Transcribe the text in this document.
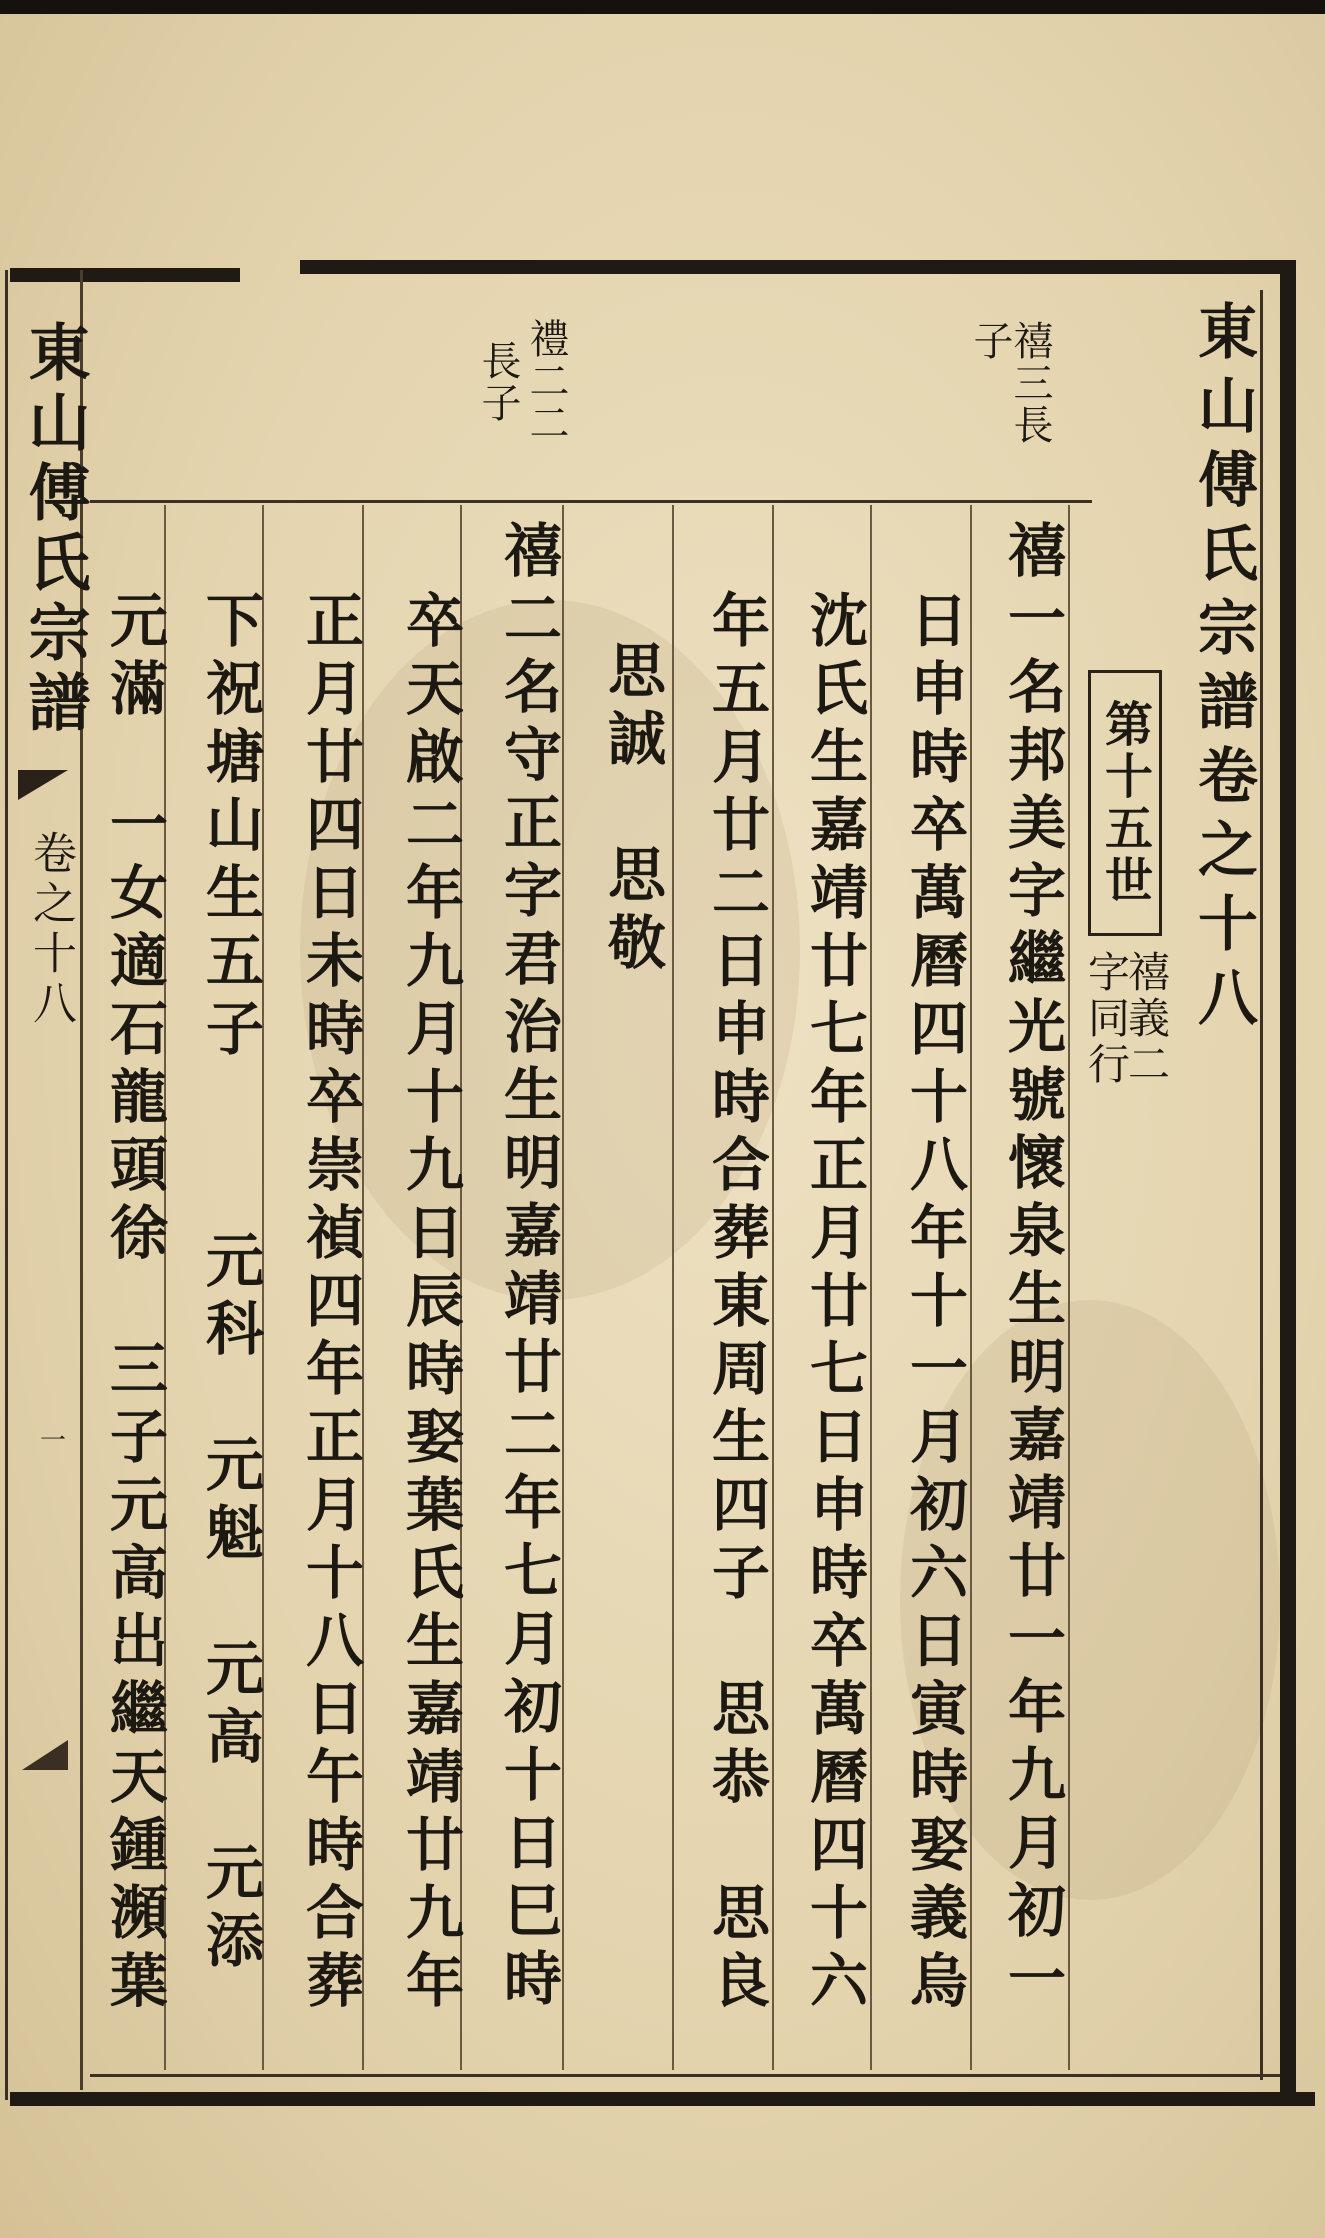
東山傅氏宗譜卷之十八
禧三長
子
禮二二
長子
第十五世
禧義二
字同行
禧一名邦美字繼光號懷泉生明嘉靖廿一年九月初一
日申時卒萬曆四十八年十一月初六日寅時娶義烏
沈氏生嘉靖廿七年正月廿七日申時卒萬曆四十六
年五月廿二日申時合葬東周生四子　思恭　思良
思誠　思敬
禧二名守正字君治生明嘉靖廿二年七月初十日巳時
卒天啟二年九月十九日辰時娶葉氏生嘉靖廿九年
正月廿四日未時卒崇禎四年正月十八日午時合葬
下祝塘山生五子
元科　元魁　元高　元添
元滿　一女適石龍頭徐　三子元高出繼天鍾瀕葉
東山傅氏宗譜
卷之十八
一
